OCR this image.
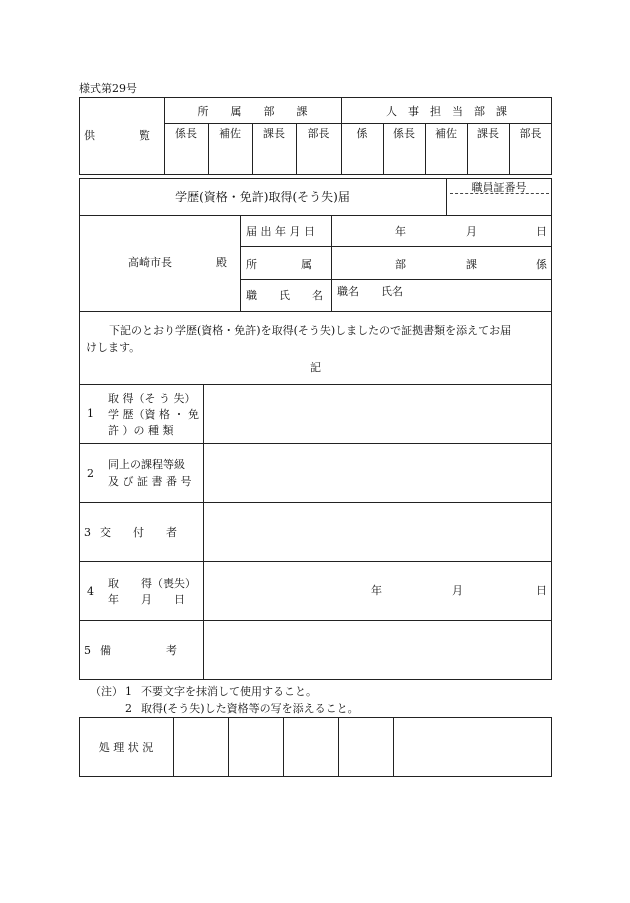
様式第29号
供　　　　覧
所　　属　　部　　課	人　事　担　当　部　課
係長	補佐	課長	部長	係	係長	補佐	課長	部長
学歴(資格・免許)取得(そう失)届
職員証番号
高崎市長　　　　殿
届 出 年 月 日	年	月	日
所　　　　属	部	課	係
職　　氏　　名 職名　　氏名
下記のとおり学歴(資格・免許)を取得(そう失)しましたので証拠書類を添えてお届
けします。
記
1
取 得（そ う 失）
学 歴（資 格 ・ 免
許 ）の 種 類
2
同上の課程等級
及 び 証 書 番 号
3 交　　付　　者
4
取　　得（喪失）
年　　月　　日
年	月	日
5 備　　　　　考
（注） 1 不要文字を抹消して使用すること。
2 取得(そう失)した資格等の写を添えること。
処 理 状 況
